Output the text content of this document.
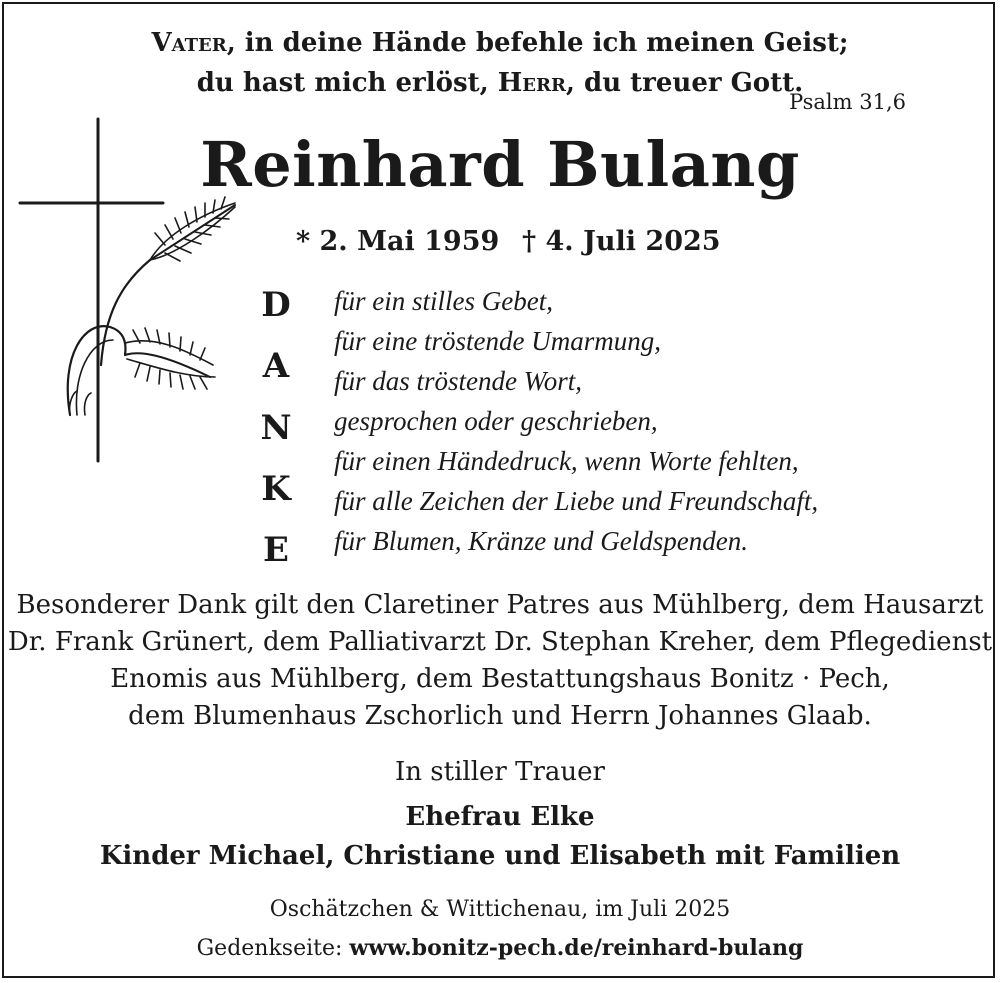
Vater, in deine Hände befehle ich meinen Geist;
du hast mich erlöst, Herr, du treuer Gott.
Psalm 31,6
Reinhard Bulang
* 2. Mai 1959 † 4. Juli 2025
D
A
N
K
E
für ein stilles Gebet,
für eine tröstende Umarmung,
für das tröstende Wort,
gesprochen oder geschrieben,
für einen Händedruck, wenn Worte fehlten,
für alle Zeichen der Liebe und Freundschaft,
für Blumen, Kränze und Geldspenden.
Besonderer Dank gilt den Claretiner Patres aus Mühlberg, dem Hausarzt
Dr. Frank Grünert, dem Palliativarzt Dr. Stephan Kreher, dem Pflegedienst
Enomis aus Mühlberg, dem Bestattungshaus Bonitz · Pech,
dem Blumenhaus Zschorlich und Herrn Johannes Glaab.
In stiller Trauer
Ehefrau Elke
Kinder Michael, Christiane und Elisabeth mit Familien
Oschätzchen & Wittichenau, im Juli 2025
Gedenkseite: www.bonitz-pech.de/reinhard-bulang
